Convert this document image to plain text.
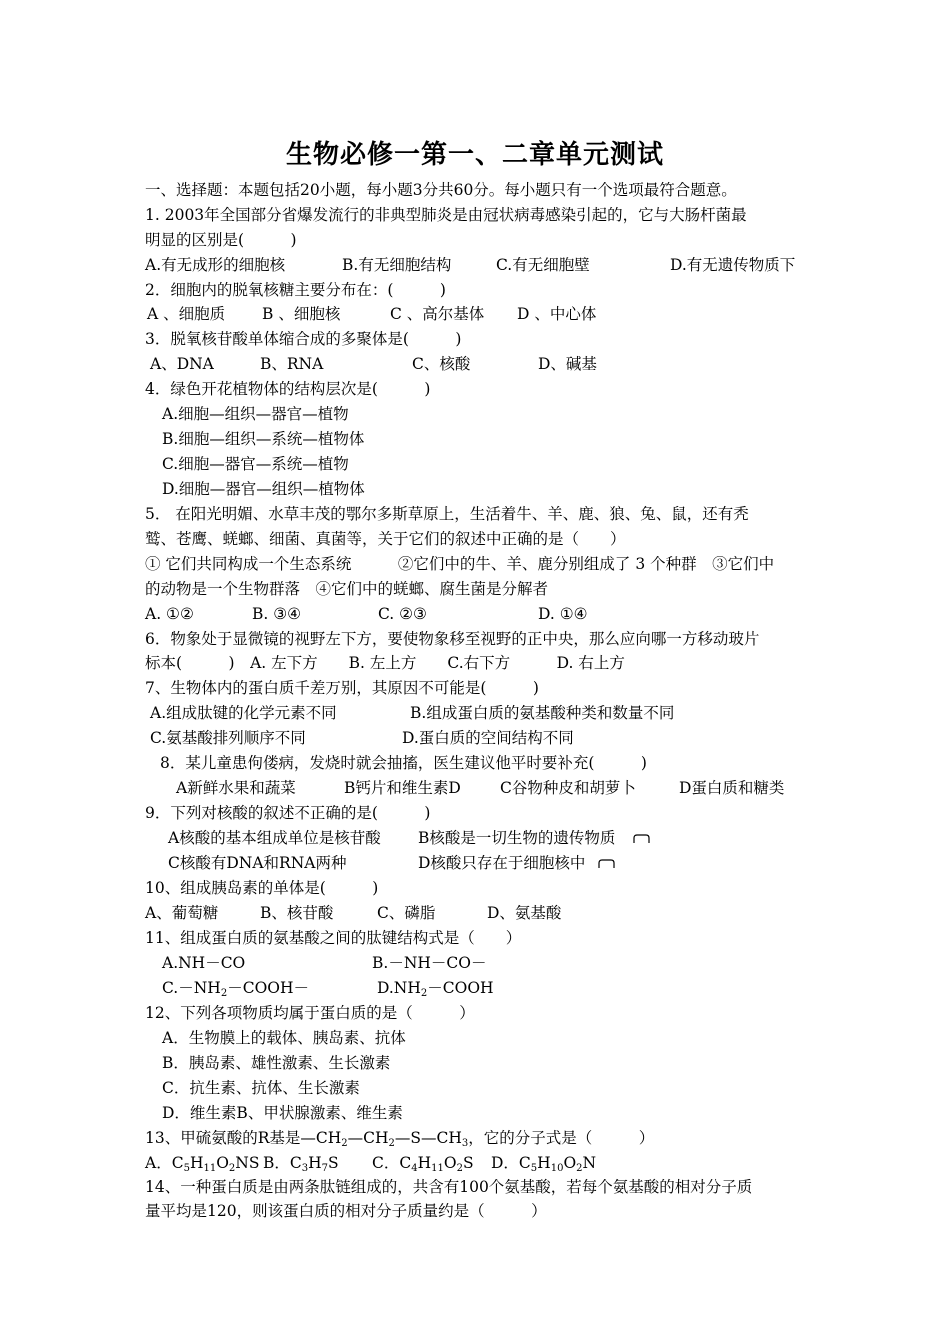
生物必修一第一、二章单元测试
一、选择题：本题包括20小题，每小题3分共60分。每小题只有一个选项最符合题意。
1. 2003年全国部分省爆发流行的非典型肺炎是由冠状病毒感染引起的，它与大肠杆菌最
明显的区别是(　　　)
A.有无成形的细胞核	B.有无细胞结构	C.有无细胞壁	D.有无遗传物质下
2．细胞内的脱氧核糖主要分布在：(　　　)
A 、细胞质 B 、细胞核	C 、高尔基体 D 、中心体
3．脱氧核苷酸单体缩合成的多聚体是(　　　)
A、DNA	B、RNA	C、核酸	D、碱基
4．绿色开花植物体的结构层次是(　　　)
A.细胞—组织—器官—植物
B.细胞—组织—系统—植物体
C.细胞—器官—系统—植物
D.细胞—器官—组织—植物体
5． 在阳光明媚、水草丰茂的鄂尔多斯草原上，生活着牛、羊、鹿、狼、兔、鼠，还有秃
鹫、苍鹰、蜣螂、细菌、真菌等，关于它们的叙述中正确的是（　　）
① 它们共同构成一个生态系统　　　②它们中的牛、羊、鹿分别组成了 3 个种群　③它们中
的动物是一个生物群落　④它们中的蜣螂、腐生菌是分解者
A. ①②	B. ③④	C. ②③	D. ①④
6．物象处于显微镜的视野左下方，要使物象移至视野的正中央，那么应向哪一方移动玻片
标本(　　　)　A. 左下方　　B. 左上方　　C.右下方　　　D. 右上方
7、生物体内的蛋白质千差万别，其原因不可能是(　　　)
A.组成肽键的化学元素不同	B.组成蛋白质的氨基酸种类和数量不同
C.氨基酸排列顺序不同	D.蛋白质的空间结构不同
8．某儿童患佝偻病，发烧时就会抽搐，医生建议他平时要补充(　　　)
A新鲜水果和蔬菜	B钙片和维生素D	C谷物种皮和胡萝卜	D蛋白质和糖类
9．下列对核酸的叙述不正确的是(　　　)
A核酸的基本组成单位是核苷酸 B核酸是一切生物的遗传物质
C核酸有DNA和RNA两种	D核酸只存在于细胞核中
10、组成胰岛素的单体是(　　　)
A、葡萄糖	B、核苷酸	C、磷脂	D、氨基酸
11、组成蛋白质的氨基酸之间的肽键结构式是（　　）
A.NH－CO	B.－NH－CO－
$C.-NH_2-COOH-$	$D.NH_2-COOH$
12、下列各项物质均属于蛋白质的是（　　　）
A．生物膜上的载体、胰岛素、抗体
B．胰岛素、雄性激素、生长激素
C．抗生素、抗体、生长激素
D．维生素B、甲状腺激素、维生素
13、甲硫氨酸的R基是$—CH_2—CH_2—S—CH_3$，它的分子式是（　　　）
A．$C_5H_{11}O_2NS$ B．$C_3H_7S$ C．$C_4H_{11}O_2S$ D．$C_5H_{10}O_2N$
14、一种蛋白质是由两条肽链组成的，共含有100个氨基酸，若每个氨基酸的相对分子质
量平均是120，则该蛋白质的相对分子质量约是（　　　）
